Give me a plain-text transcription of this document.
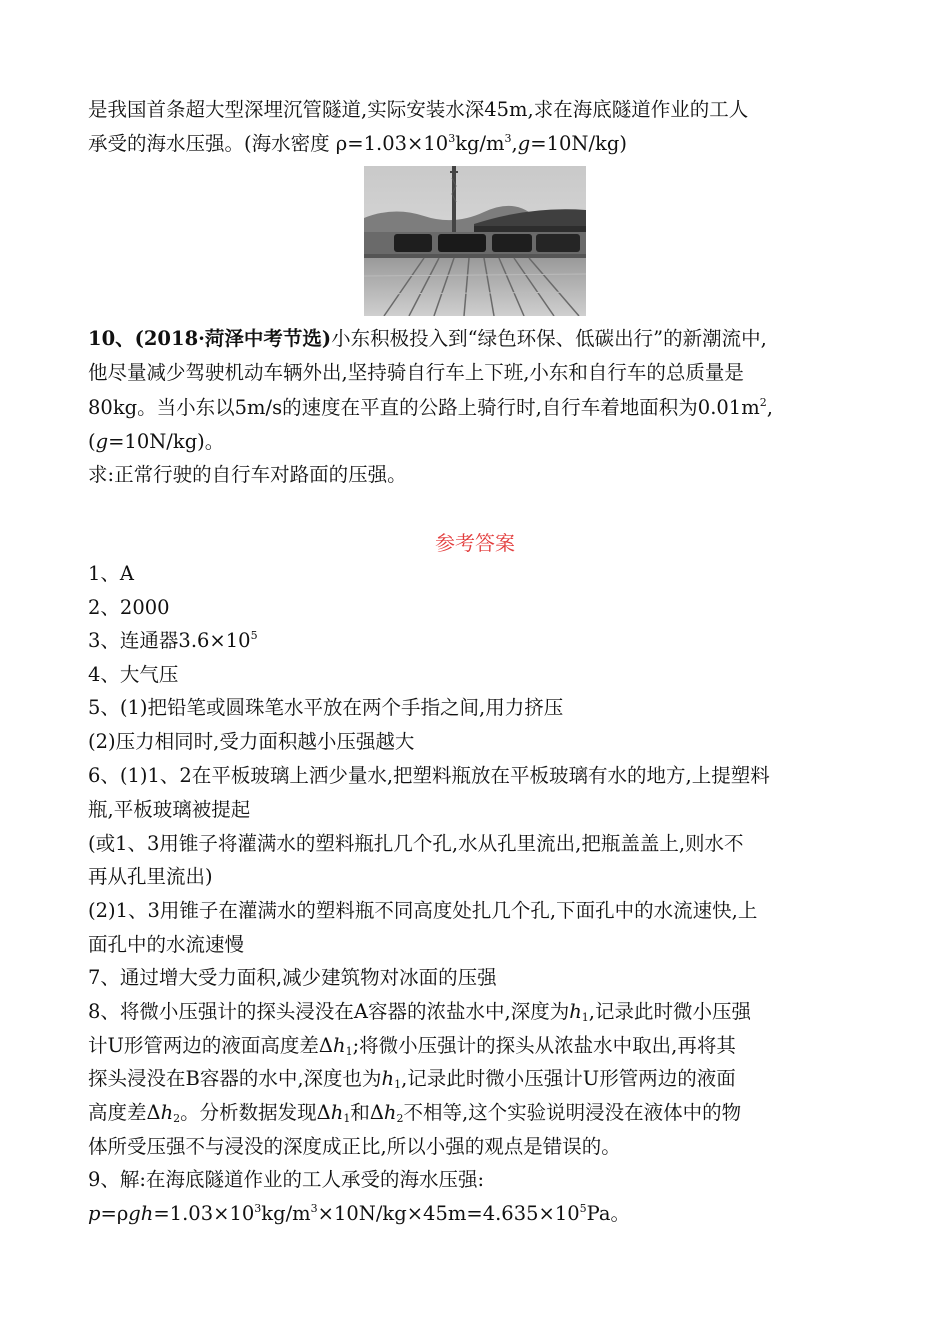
是我国首条超大型深埋沉管隧道,实际安装水深45m,求在海底隧道作业的工人
承受的海水压强。(海水密度 $\rho=1.03\times 10^3kg/m^3,g=10N/kg$)
10、(2018·菏泽中考节选)小东积极投入到“绿色环保、低碳出行”的新潮流中,
他尽量减少驾驶机动车辆外出,坚持骑自行车上下班,小东和自行车的总质量是
80kg。当小东以5m/s的速度在平直的公路上骑行时,自行车着地面积为$0.01m^2$,
(g=10N/kg)。
求:正常行驶的自行车对路面的压强。
参考答案
1、A
2、2000
3、连通器$3.6\times 10^5$
4、大气压
5、(1)把铅笔或圆珠笔水平放在两个手指之间,用力挤压
(2)压力相同时,受力面积越小压强越大
6、(1)1、2在平板玻璃上洒少量水,把塑料瓶放在平板玻璃有水的地方,上提塑料
瓶,平板玻璃被提起
(或1、3用锥子将灌满水的塑料瓶扎几个孔,水从孔里流出,把瓶盖盖上,则水不
再从孔里流出)
(2)1、3用锥子在灌满水的塑料瓶不同高度处扎几个孔,下面孔中的水流速快,上
面孔中的水流速慢
7、通过增大受力面积,减少建筑物对冰面的压强
8、将微小压强计的探头浸没在A容器的浓盐水中,深度为$h_1$,记录此时微小压强
计U形管两边的液面高度差$\Delta h_1$;将微小压强计的探头从浓盐水中取出,再将其
探头浸没在B容器的水中,深度也为$h_1$,记录此时微小压强计U形管两边的液面
高度差$\Delta h_2$。分析数据发现$\Delta h_1$和$\Delta h_2$不相等,这个实验说明浸没在液体中的物
体所受压强不与浸没的深度成正比,所以小强的观点是错误的。
9、解:在海底隧道作业的工人承受的海水压强:
$p=\rho gh=1.03\times 10^3kg/m^3\times 10N/kg\times 45m=4.635\times 10^5Pa$。
